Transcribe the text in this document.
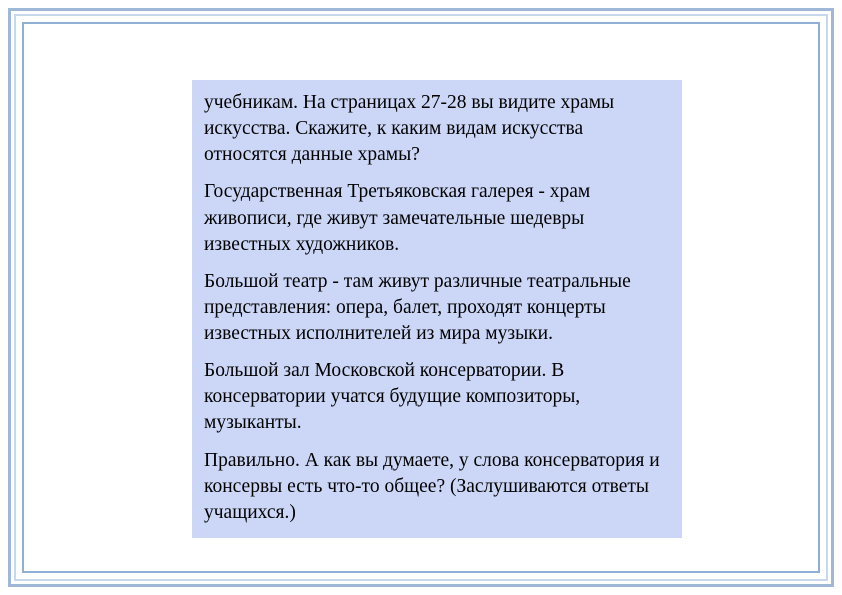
учебникам. На страницах 27-28 вы видите храмы искусства. Скажите, к каким видам искусства относятся данные храмы?

Государственная Третьяковская галерея - храм живописи, где живут замечательные шедевры известных художников.

Большой театр - там живут различные театральные представления: опера, балет, проходят концерты известных исполнителей из мира музыки.

Большой зал Московской консерватории. В консерватории учатся будущие композиторы, музыканты.

Правильно. А как вы думаете, у слова консерватория и консервы есть что-то общее? (Заслушиваются ответы учащихся.)
